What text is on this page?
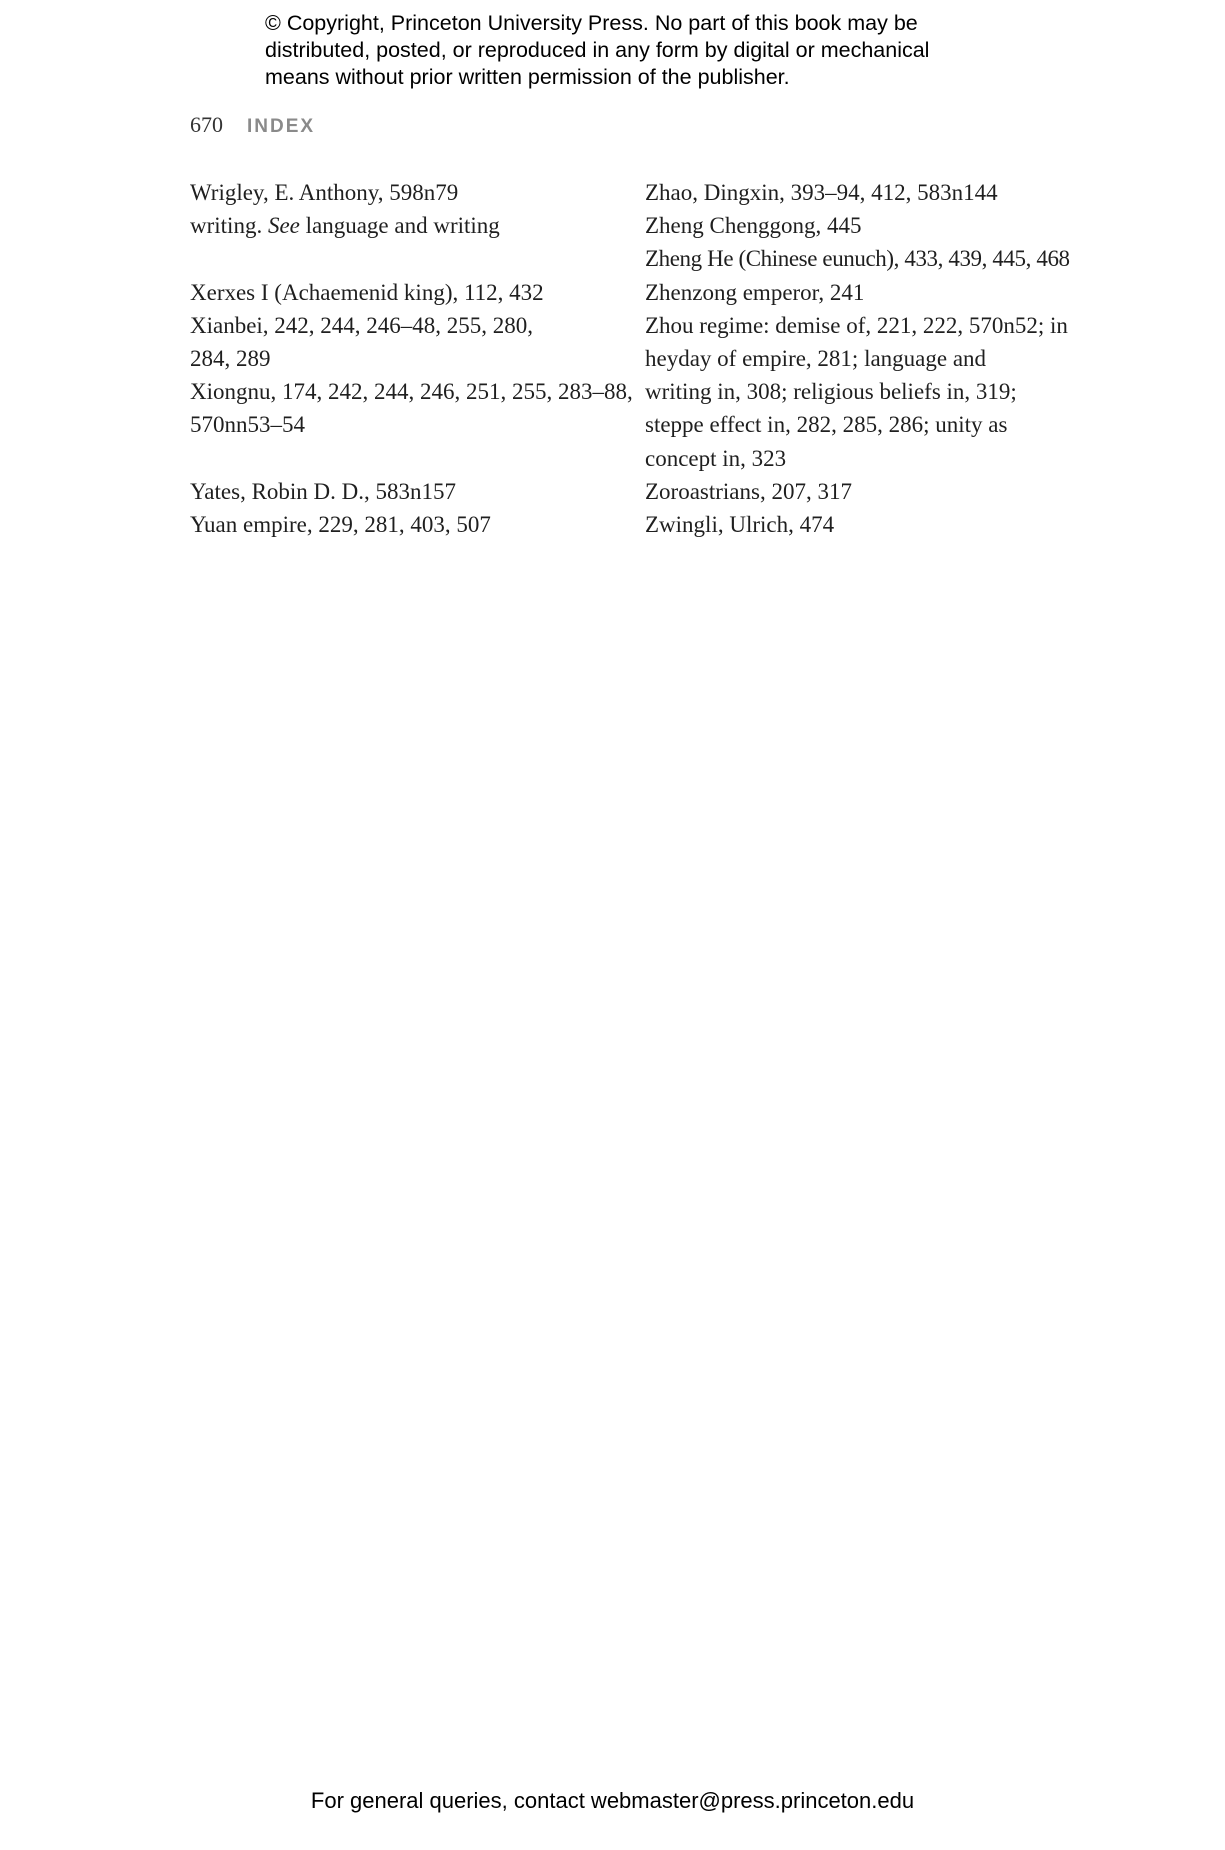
© Copyright, Princeton University Press. No part of this book may be
distributed, posted, or reproduced in any form by digital or mechanical
means without prior written permission of the publisher.
670 INDEX

Wrigley, E. Anthony, 598n79

writing. See language and writing

Xerxes I (Achaemenid king), 112, 432

Xianbei, 242, 244, 246–48, 255, 280,
284, 289

Xiongnu, 174, 242, 244, 246, 251, 255, 283–88,
570nn53–54

Yates, Robin D. D., 583n157

Yuan empire, 229, 281, 403, 507

Zhao, Dingxin, 393–94, 412, 583n144

Zheng Chenggong, 445

Zheng He (Chinese eunuch), 433, 439, 445, 468

Zhenzong emperor, 241

Zhou regime: demise of, 221, 222, 570n52; in
heyday of empire, 281; language and
writing in, 308; religious beliefs in, 319;
steppe effect in, 282, 285, 286; unity as
concept in, 323

Zoroastrians, 207, 317

Zwingli, Ulrich, 474

For general queries, contact webmaster@press.princeton.edu
